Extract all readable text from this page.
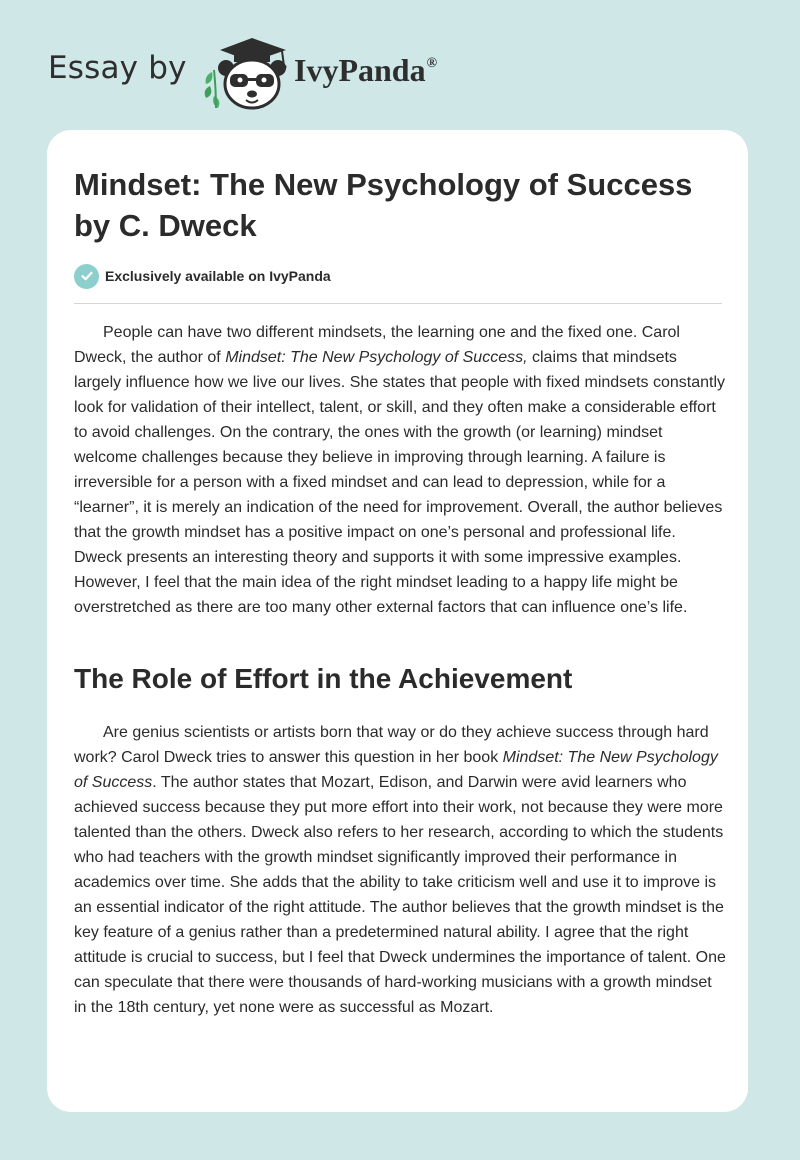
Essay by	IvyPanda®
Mindset: The New Psychology of Success by C. Dweck
Exclusively available on IvyPanda

People can have two different mindsets, the learning one and the fixed one. Carol Dweck, the author of Mindset: The New Psychology of Success, claims that mindsets largely influence how we live our lives. She states that people with fixed mindsets constantly look for validation of their intellect, talent, or skill, and they often make a considerable effort to avoid challenges. On the contrary, the ones with the growth (or learning) mindset welcome challenges because they believe in improving through learning. A failure is irreversible for a person with a fixed mindset and can lead to depression, while for a “learner”, it is merely an indication of the need for improvement. Overall, the author believes that the growth mindset has a positive impact on one’s personal and professional life. Dweck presents an interesting theory and supports it with some impressive examples. However, I feel that the main idea of the right mindset leading to a happy life might be overstretched as there are too many other external factors that can influence one’s life.

The Role of Effort in the Achievement

Are genius scientists or artists born that way or do they achieve success through hard work? Carol Dweck tries to answer this question in her book Mindset: The New Psychology of Success. The author states that Mozart, Edison, and Darwin were avid learners who achieved success because they put more effort into their work, not because they were more talented than the others. Dweck also refers to her research, according to which the students who had teachers with the growth mindset significantly improved their performance in academics over time. She adds that the ability to take criticism well and use it to improve is an essential indicator of the right attitude. The author believes that the growth mindset is the key feature of a genius rather than a predetermined natural ability. I agree that the right attitude is crucial to success, but I feel that Dweck undermines the importance of talent. One can speculate that there were thousands of hard-working musicians with a growth mindset in the 18th century, yet none were as successful as Mozart.
